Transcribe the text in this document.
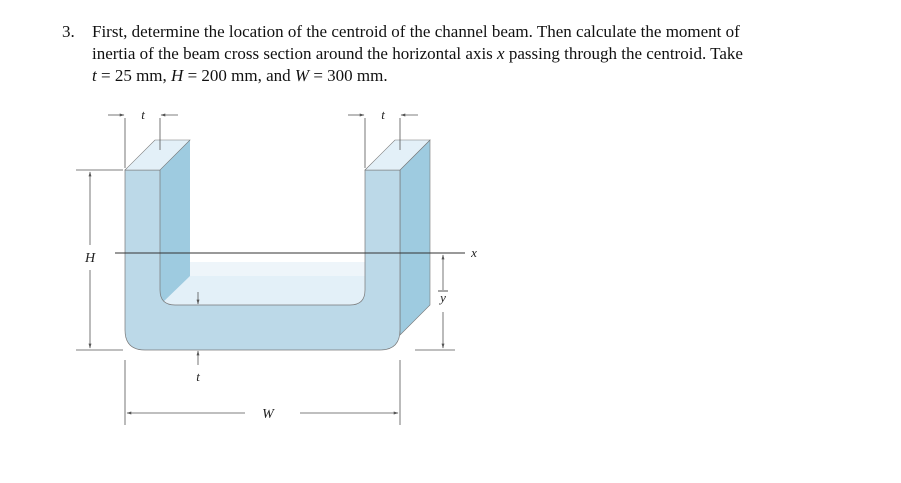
3. First, determine the location of the centroid of the channel beam. Then calculate the moment of
inertia of the beam cross section around the horizontal axis x passing through the centroid. Take
t = 25 mm, H = 200 mm, and W = 300 mm.
t	t
H	x
y
t
W
